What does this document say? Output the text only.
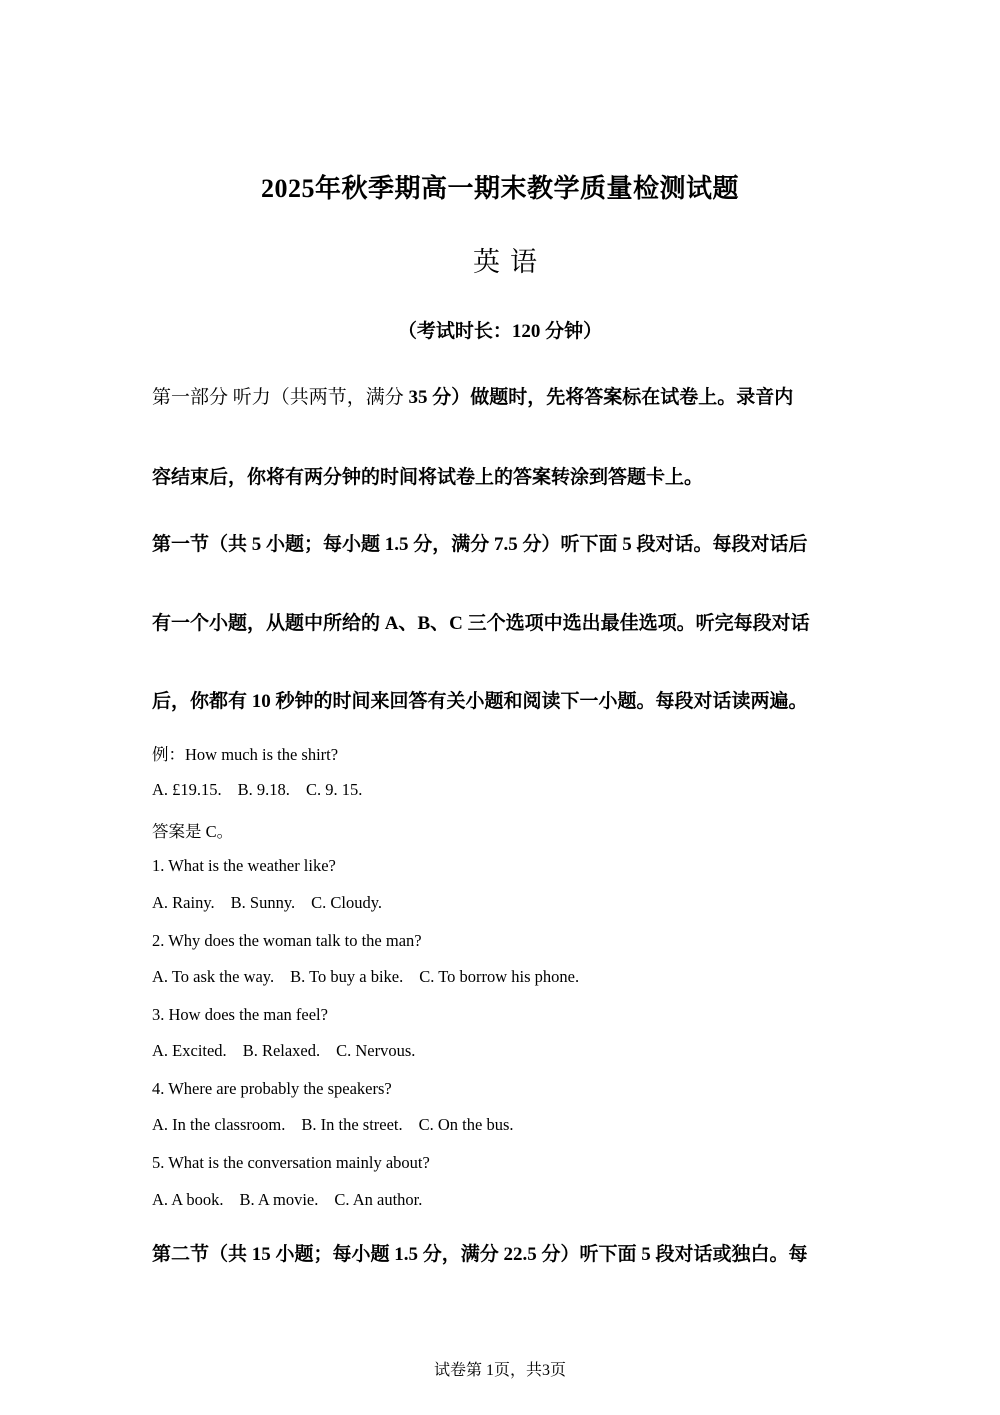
2025年秋季期高一期末教学质量检测试题
英语
（考试时长：120 分钟）
第一部分 听力（共两节，满分 35 分）做题时，先将答案标在试卷上。录音内
容结束后，你将有两分钟的时间将试卷上的答案转涂到答题卡上。
第一节（共 5 小题；每小题 1.5 分，满分 7.5 分）听下面 5 段对话。每段对话后
有一个小题，从题中所给的 A、B、C 三个选项中选出最佳选项。听完每段对话
后，你都有 10 秒钟的时间来回答有关小题和阅读下一小题。每段对话读两遍。
例：How much is the shirt?
A. £19.15. B. 9.18. C. 9. 15.
答案是 C。
1. What is the weather like?
A. Rainy. B. Sunny. C. Cloudy.
2. Why does the woman talk to the man?
A. To ask the way. B. To buy a bike. C. To borrow his phone.
3. How does the man feel?
A. Excited. B. Relaxed. C. Nervous.
4. Where are probably the speakers?
A. In the classroom. B. In the street. C. On the bus.
5. What is the conversation mainly about?
A. A book. B. A movie. C. An author.
第二节（共 15 小题；每小题 1.5 分，满分 22.5 分）听下面 5 段对话或独白。每
试卷第 1页，共3页
